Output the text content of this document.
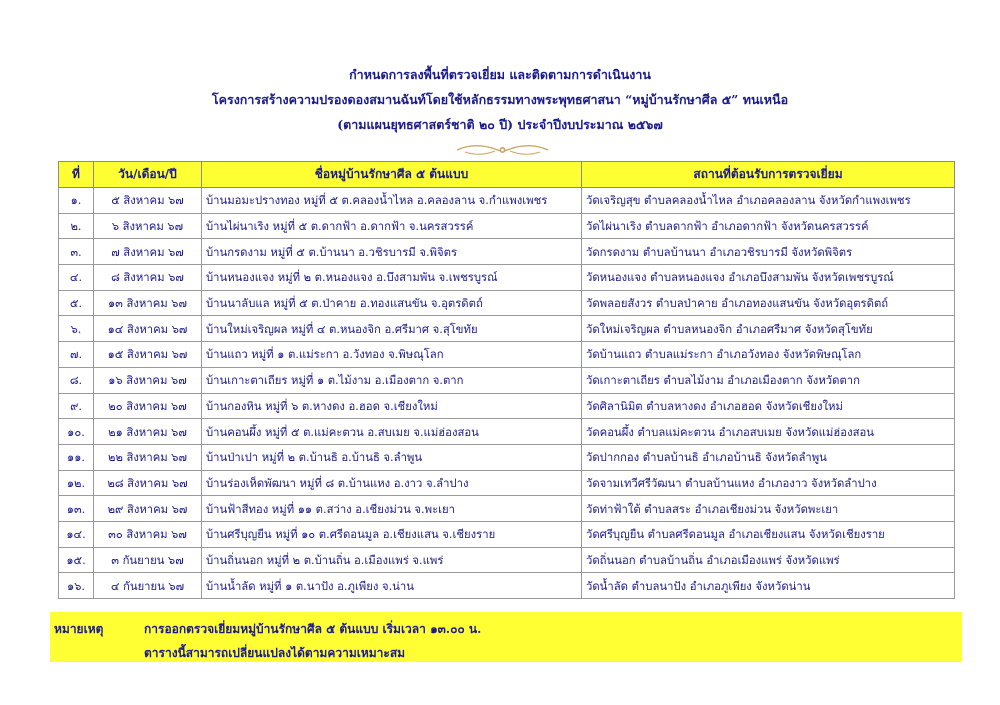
กำหนดการลงพื้นที่ตรวจเยี่ยม และติดตามการดำเนินงาน
โครงการสร้างความปรองดองสมานฉันท์โดยใช้หลักธรรมทางพระพุทธศาสนา “หมู่บ้านรักษาศีล ๕” ทนเหนือ
(ตามแผนยุทธศาสตร์ชาติ ๒๐ ปี) ประจำปีงบประมาณ ๒๕๖๗
ที่	วัน/เดือน/ปี	ชื่อหมู่บ้านรักษาศีล ๕ ต้นแบบ	สถานที่ต้อนรับการตรวจเยี่ยม
๑.	๕ สิงหาคม ๖๗	บ้านมอมะปรางทอง หมู่ที่ ๕ ต.คลองน้ำไหล อ.คลองลาน จ.กำแพงเพชร	วัดเจริญสุข ตำบลคลองน้ำไหล อำเภอคลองลาน จังหวัดกำแพงเพชร
๒.	๖ สิงหาคม ๖๗	บ้านไผ่นาเริง หมู่ที่ ๕ ต.ดากฟ้า อ.ดากฟ้า จ.นครสวรรค์	วัดไผ่นาเริง ตำบลดากฟ้า อำเภอดากฟ้า จังหวัดนครสวรรค์
๓.	๗ สิงหาคม ๖๗	บ้านกรดงาม หมู่ที่ ๕ ต.บ้านนา อ.วชิรบารมี จ.พิจิตร	วัดกรดงาม ตำบลบ้านนา อำเภอวชิรบารมี จังหวัดพิจิตร
๔.	๘ สิงหาคม ๖๗	บ้านหนองแจง หมู่ที่ ๒ ต.หนองแจง อ.บึงสามพัน จ.เพชรบูรณ์	วัดหนองแจง ตำบลหนองแจง อำเภอบึงสามพัน จังหวัดเพชรบูรณ์
๕.	๑๓ สิงหาคม ๖๗	บ้านนาลับแล หมู่ที่ ๕ ต.ป่าคาย อ.ทองแสนขัน จ.อุตรดิตถ์	วัดพลอยสังวร ตำบลป่าคาย อำเภอทองแสนขัน จังหวัดอุตรดิตถ์
๖.	๑๔ สิงหาคม ๖๗	บ้านใหม่เจริญผล หมู่ที่ ๔ ต.หนองจิก อ.ศรีมาศ จ.สุโขทัย	วัดใหม่เจริญผล ตำบลหนองจิก อำเภอศรีมาศ จังหวัดสุโขทัย
๗.	๑๕ สิงหาคม ๖๗	บ้านแถว หมู่ที่ ๑ ต.แม่ระกา อ.วังทอง จ.พิษณุโลก	วัดบ้านแถว ตำบลแม่ระกา อำเภอวังทอง จังหวัดพิษณุโลก
๘.	๑๖ สิงหาคม ๖๗	บ้านเกาะตาเถียร หมู่ที่ ๑ ต.ไม้งาม อ.เมืองตาก จ.ตาก	วัดเกาะตาเถียร ตำบลไม้งาม อำเภอเมืองตาก จังหวัดตาก
๙.	๒๐ สิงหาคม ๖๗	บ้านกองหิน หมู่ที่ ๖ ต.หางดง อ.ฮอด จ.เชียงใหม่	วัดศิลานิมิต ตำบลหางดง อำเภอฮอด จังหวัดเชียงใหม่
๑๐.	๒๑ สิงหาคม ๖๗	บ้านคอนผึ้ง หมู่ที่ ๕ ต.แม่คะตวน อ.สบเมย จ.แม่ฮ่องสอน	วัดคอนผึ้ง ตำบลแม่คะตวน อำเภอสบเมย จังหวัดแม่ฮ่องสอน
๑๑.	๒๒ สิงหาคม ๖๗	บ้านป่าเปา หมู่ที่ ๒ ต.บ้านธิ อ.บ้านธิ จ.ลำพูน	วัดปากกอง ตำบลบ้านธิ อำเภอบ้านธิ จังหวัดลำพูน
๑๒.	๒๘ สิงหาคม ๖๗	บ้านร่องเห็ดพัฒนา หมู่ที่ ๘ ต.บ้านแหง อ.งาว จ.ลำปาง	วัดจามเทวีศรีวัฒนา ตำบลบ้านแหง อำเภองาว จังหวัดลำปาง
๑๓.	๒๙ สิงหาคม ๖๗	บ้านฟ้าสีทอง หมู่ที่ ๑๑ ต.สว่าง อ.เชียงม่วน จ.พะเยา	วัดท่าฟ้าใต้ ตำบลสระ อำเภอเชียงม่วน จังหวัดพะเยา
๑๔.	๓๐ สิงหาคม ๖๗	บ้านศรีบุญยืน หมู่ที่ ๑๐ ต.ศรีดอนมูล อ.เชียงแสน จ.เชียงราย	วัดศรีบุญยืน ตำบลศรีดอนมูล อำเภอเชียงแสน จังหวัดเชียงราย
๑๕.	๓ กันยายน ๖๗	บ้านถิ่นนอก หมู่ที่ ๒ ต.บ้านถิ่น อ.เมืองแพร่ จ.แพร่	วัดถิ่นนอก ตำบลบ้านถิ่น อำเภอเมืองแพร่ จังหวัดแพร่
๑๖.	๔ กันยายน ๖๗	บ้านน้ำลัด หมู่ที่ ๑ ต.นาปัง อ.ภูเพียง จ.น่าน	วัดน้ำลัด ตำบลนาปัง อำเภอภูเพียง จังหวัดน่าน
หมายเหตุ	การออกตรวจเยี่ยมหมู่บ้านรักษาศีล ๕ ต้นแบบ เริ่มเวลา ๑๓.๐๐ น.
ตารางนี้สามารถเปลี่ยนแปลงได้ตามความเหมาะสม
